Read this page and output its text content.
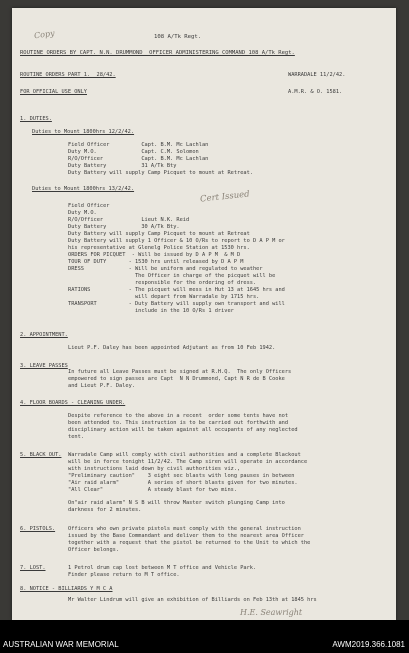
Copy	108 A/Tk Regt.
ROUTINE ORDERS BY CAPT. N.N. DRUMMOND  OFFICER ADMINISTERING COMMAND 108 A/Tk Regt.
ROUTINE ORDERS PART 1.  28/42.	WARRADALE 11/2/42.
FOR OFFICIAL USE ONLY	A.M.R. & O. 1581.
1. DUTIES.
Duties to Mount 1800hrs 12/2/42.
Field Officer          Capt. B.M. Mc Lachlan
Duty M.O.              Capt. C.M. Solomon
R/O/Officer            Capt. B.M. Mc Lachlan
Duty Battery           31 A/Tk Bty
Duty Battery will supply Camp Picquet to mount at Retreat.
Duties to Mount 1800hrs 13/2/42.
Cert Issued
Field Officer
Duty M.O.
R/O/Officer            Lieut N.K. Reid
Duty Battery           30 A/Tk Bty.
Duty Battery will supply Camp Picquet to mount at Retreat
Duty Battery will supply 1 Officer & 10 O/Rs to report to D A P M or
his representative at Glenelg Police Station at 1530 hrs.
ORDERS FOR PICQUET  - Will be issued by D A P M  & M D
TOUR OF DUTY       - 1530 hrs until released by D A P M
DRESS              - Will be uniform and regulated to weather
The Officer in charge of the picquet will be
responsible for the ordering of dress.
RATIONS            - The picquet will mess in Hut 13 at 1645 hrs and
will depart from Warradale by 1715 hrs.
TRANSPORT          - Duty Battery will supply own transport and will
include in the 10 O/Rs 1 driver
2. APPOINTMENT.
Lieut P.F. Daley has been appointed Adjutant as from 10 Feb 1942.
3. LEAVE PASSES
In future all Leave Passes must be signed at R.H.Q.  The only Officers
empowered to sign passes are Capt  N N Drummond, Capt N R de B Cooke
and Lieut P.F. Daley.
4. FLOOR BOARDS - CLEANING UNDER.
Despite reference to the above in a recent  order some tents have not
been attended to. This instruction is to be carried out forthwith and
disciplinary action will be taken against all occupants of any neglected
tent.
5. BLACK OUT. Warradale Camp will comply with civil authorities and a complete Blackout
will be in force tonight 11/2/42. The Camp siren will operate in accordance
with instructions laid down by civil authorities viz.,
"Preliminary caution"    3 eight sec blasts with long pauses in between
"Air raid alarm"         A series of short blasts given for two minutes.
"All Clear"              A steady blast for two mins.
On"air raid alarm" N S B will throw Master switch plunging Camp into
darkness for 2 minutes.
6. PISTOLS. Officers who own private pistols must comply with the general instruction
issued by the Base Commandant and deliver them to the nearest area Officer
together with a request that the pistol be returned to the Unit to which the
Officer belongs.
7. LOST.	1 Petrol drum cap lost between M T office and Vehicle Park.
Finder please return to M T office.
8. NOTICE - BILLIARDS Y M C A
Mr Walter Lindrum will give an exhibition of Billiards on Feb 13th at 1845 hrs
H.E. Seawright
AUSTRALIAN WAR MEMORIAL	AWM2019.366.1081
